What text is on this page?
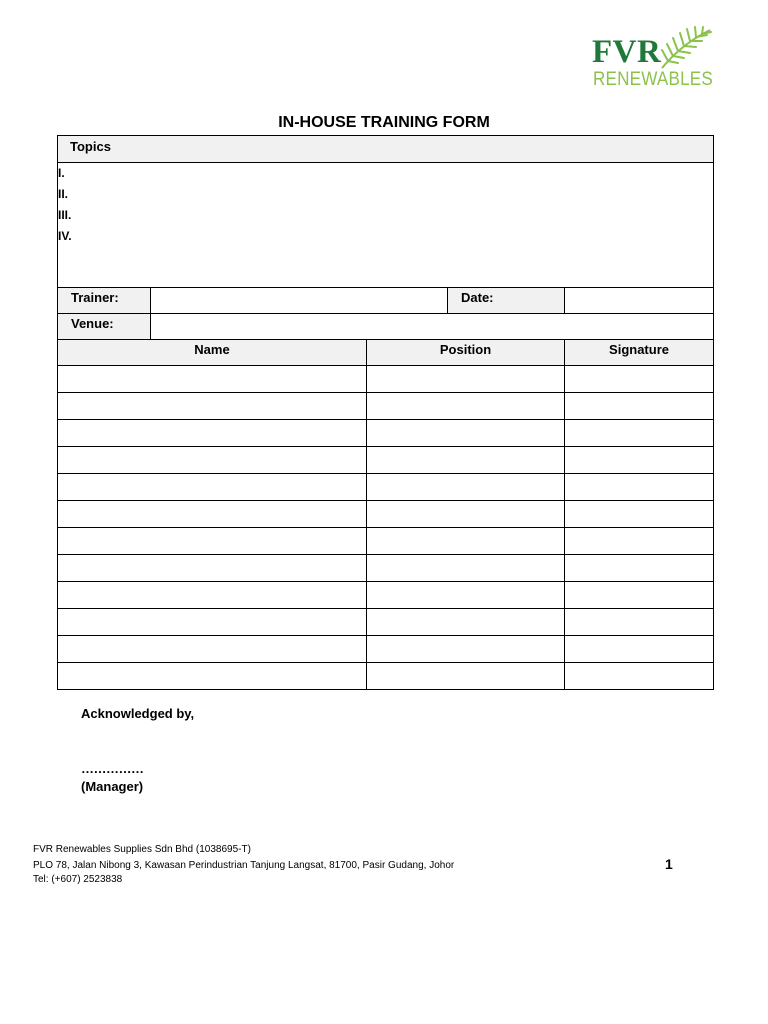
FVR
RENEWABLES
IN-HOUSE TRAINING FORM
Topics				

I.
II.
III.
IV.				

Trainer:			Date:	
Venue:				
Name		Position		Signature

Acknowledged by,
……………
(Manager)
FVR Renewables Supplies Sdn Bhd (1038695-T)
PLO 78, Jalan Nibong 3, Kawasan Perindustrian Tanjung Langsat, 81700, Pasir Gudang, Johor
Tel: (+607) 2523838
1
